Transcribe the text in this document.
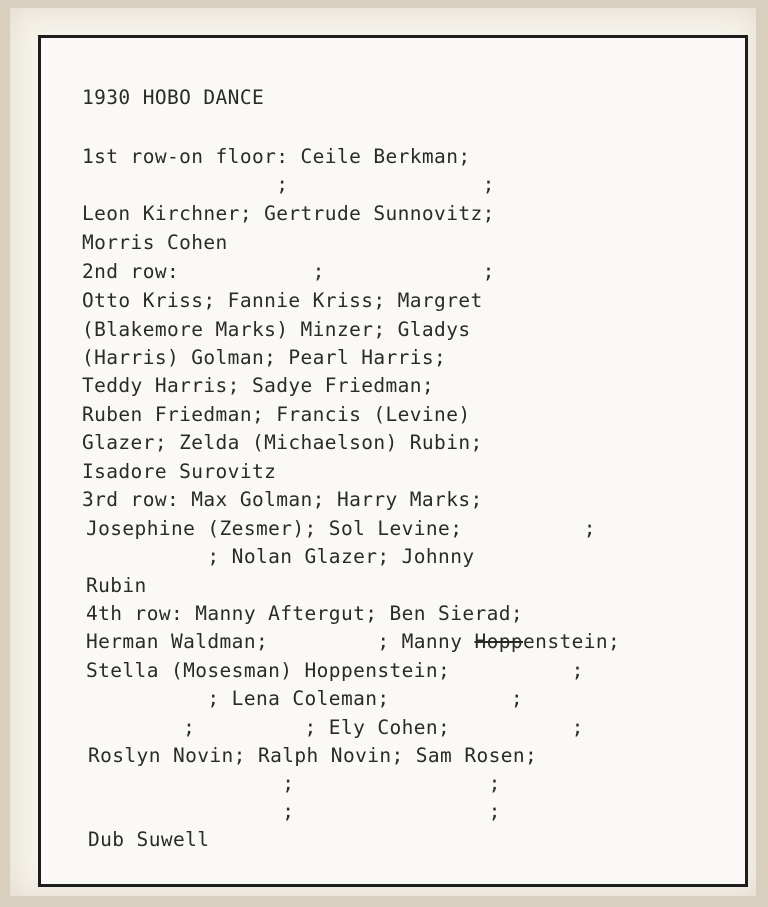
1930 HOBO DANCE

1st row-on floor: Ceile Berkman;

;                ;

Leon Kirchner; Gertrude Sunnovitz;

Morris Cohen

2nd row:           ;             ;

Otto Kriss; Fannie Kriss; Margret

(Blakemore Marks) Minzer; Gladys

(Harris) Golman; Pearl Harris;

Teddy Harris; Sadye Friedman;

Ruben Friedman; Francis (Levine)

Glazer; Zelda (Michaelson) Rubin;

Isadore Surovitz

3rd row: Max Golman; Harry Marks;

Josephine (Zesmer); Sol Levine;          ;

; Nolan Glazer; Johnny

Rubin

4th row: Manny Aftergut; Ben Sierad;

Herman Waldman;         ; Manny Hoppenstein;

Stella (Mosesman) Hoppenstein;          ;

; Lena Coleman;          ;

;         ; Ely Cohen;          ;

Roslyn Novin; Ralph Novin; Sam Rosen;

;                ;

;                ;

Dub Suwell
